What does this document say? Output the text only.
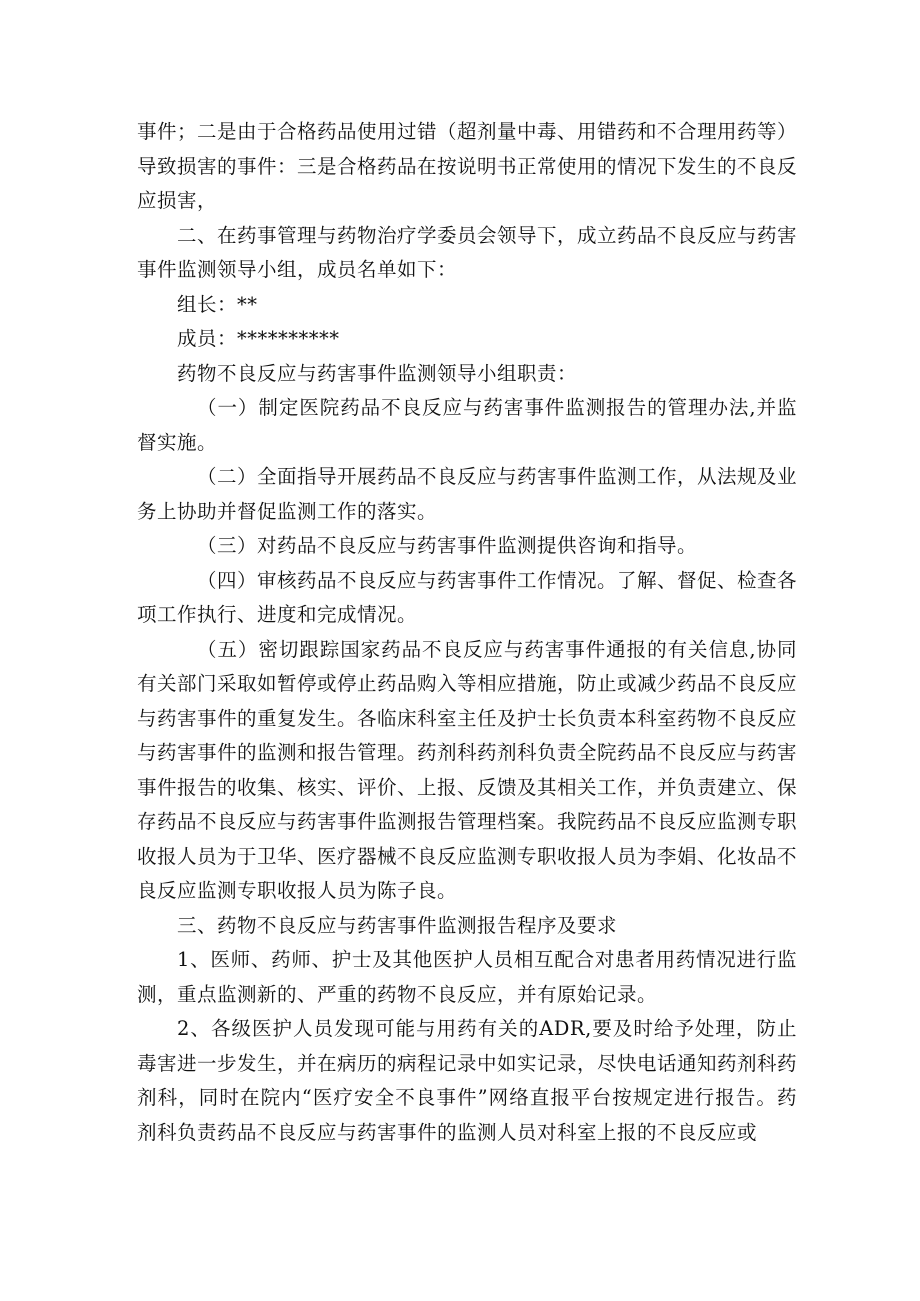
事件；二是由于合格药品使用过错（超剂量中毒、用错药和不合理用药等）导致损害的事件：三是合格药品在按说明书正常使用的情况下发生的不良反应损害，

二、在药事管理与药物治疗学委员会领导下，成立药品不良反应与药害事件监测领导小组，成员名单如下：

组长：**

成员：**********

药物不良反应与药害事件监测领导小组职责：

（一）制定医院药品不良反应与药害事件监测报告的管理办法,并监督实施。

（二）全面指导开展药品不良反应与药害事件监测工作，从法规及业务上协助并督促监测工作的落实。

（三）对药品不良反应与药害事件监测提供咨询和指导。

（四）审核药品不良反应与药害事件工作情况。了解、督促、检查各项工作执行、进度和完成情况。

（五）密切跟踪国家药品不良反应与药害事件通报的有关信息,协同有关部门采取如暂停或停止药品购入等相应措施，防止或减少药品不良反应与药害事件的重复发生。各临床科室主任及护士长负责本科室药物不良反应与药害事件的监测和报告管理。药剂科药剂科负责全院药品不良反应与药害事件报告的收集、核实、评价、上报、反馈及其相关工作，并负责建立、保存药品不良反应与药害事件监测报告管理档案。我院药品不良反应监测专职收报人员为于卫华、医疗器械不良反应监测专职收报人员为李娟、化妆品不良反应监测专职收报人员为陈子良。

三、药物不良反应与药害事件监测报告程序及要求

1、医师、药师、护士及其他医护人员相互配合对患者用药情况进行监测，重点监测新的、严重的药物不良反应，并有原始记录。

2、各级医护人员发现可能与用药有关的ADR,要及时给予处理，防止毒害进一步发生，并在病历的病程记录中如实记录，尽快电话通知药剂科药剂科，同时在院内“医疗安全不良事件”网络直报平台按规定进行报告。药剂科负责药品不良反应与药害事件的监测人员对科室上报的不良反应或
